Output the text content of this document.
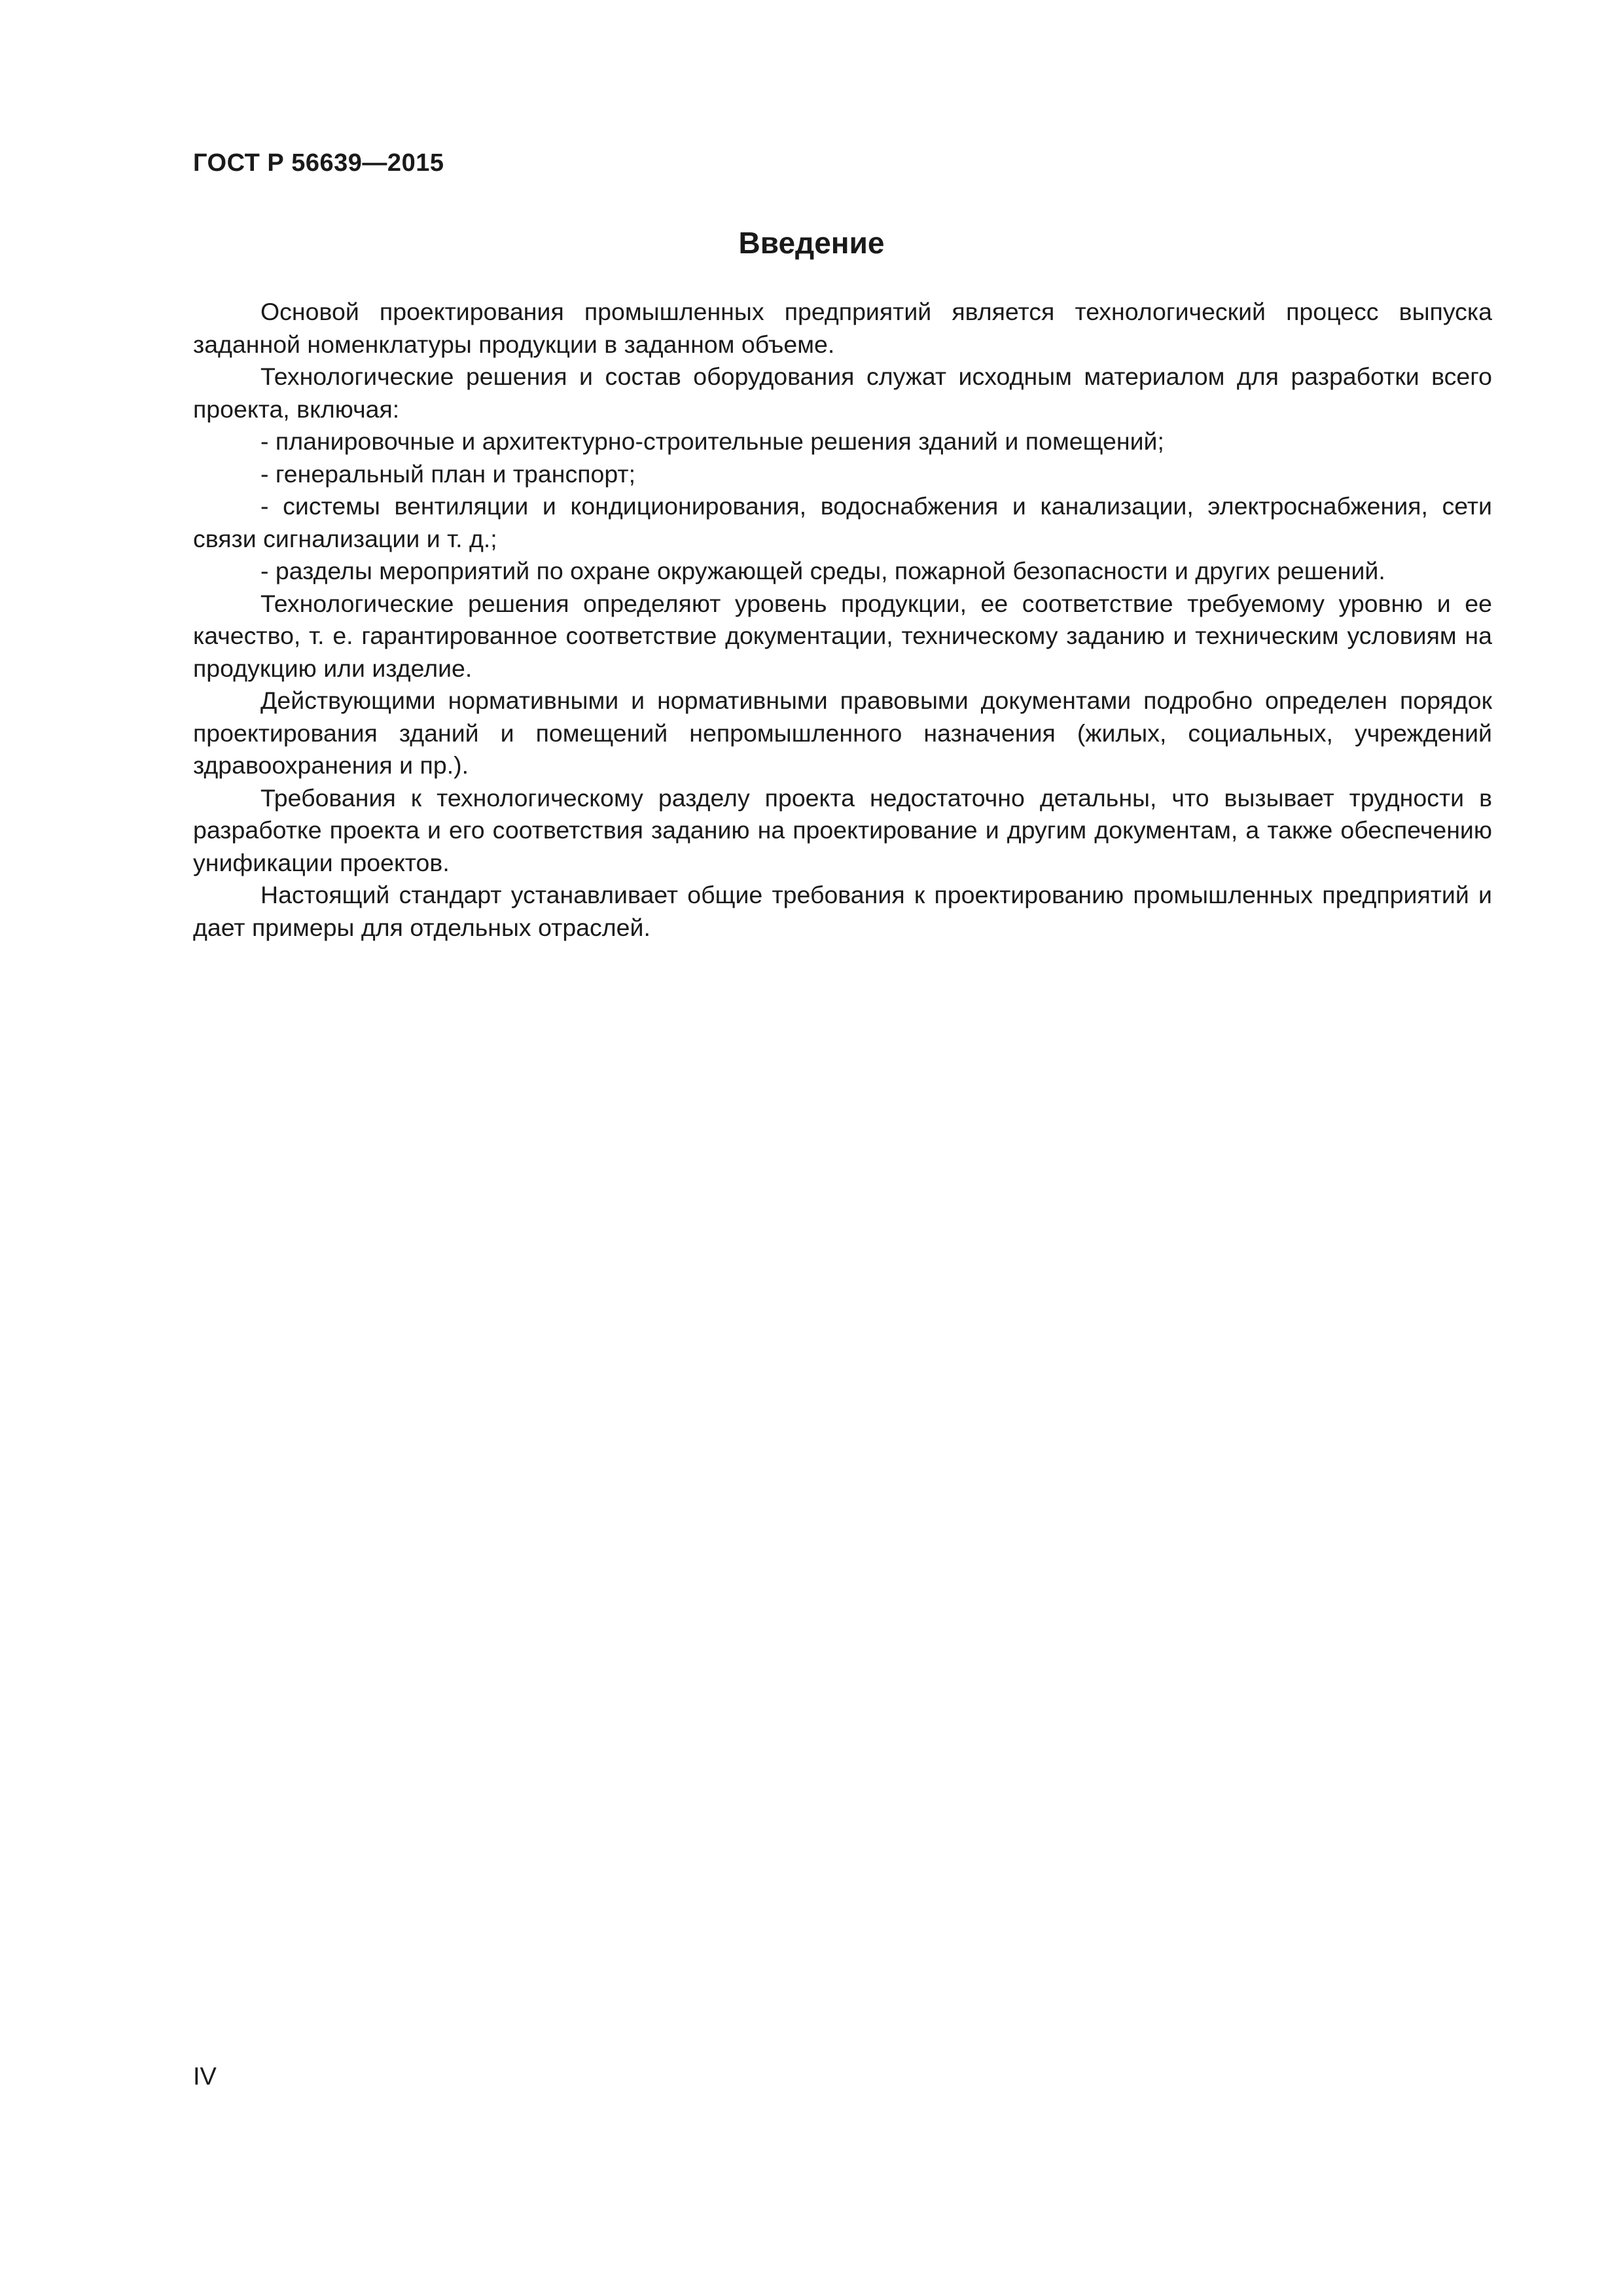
ГОСТ Р 56639—2015

Введение

Основой проектирования промышленных предприятий является технологический процесс выпуска заданной номенклатуры продукции в заданном объеме.

Технологические решения и состав оборудования служат исходным материалом для разработки всего проекта, включая:

- планировочные и архитектурно-строительные решения зданий и помещений;

- генеральный план и транспорт;

- системы вентиляции и кондиционирования, водоснабжения и канализации, электроснабжения, сети связи сигнализации и т. д.;

- разделы мероприятий по охране окружающей среды, пожарной безопасности и других решений.

Технологические решения определяют уровень продукции, ее соответствие требуемому уровню и ее качество, т. е. гарантированное соответствие документации, техническому заданию и техническим условиям на продукцию или изделие.

Действующими нормативными и нормативными правовыми документами подробно определен порядок проектирования зданий и помещений непромышленного назначения (жилых, социальных, учреждений здравоохранения и пр.).

Требования к технологическому разделу проекта недостаточно детальны, что вызывает трудности в разработке проекта и его соответствия заданию на проектирование и другим документам, а также обеспечению унификации проектов.

Настоящий стандарт устанавливает общие требования к проектированию промышленных предприятий и дает примеры для отдельных отраслей.

IV
